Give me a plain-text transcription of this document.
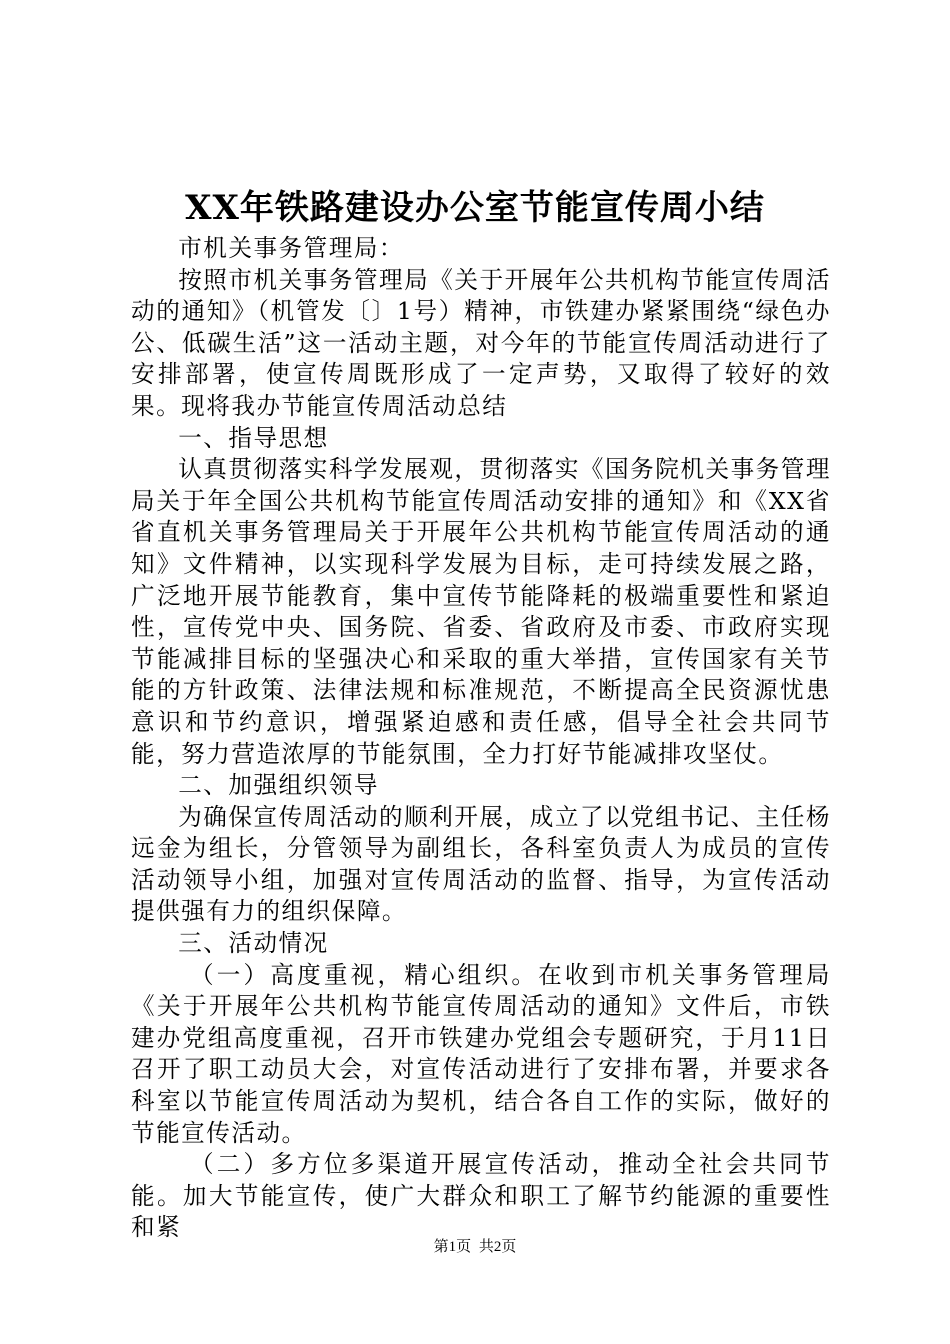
XX年铁路建设办公室节能宣传周小结

市机关事务管理局：

按照市机关事务管理局《关于开展年公共机构节能宣传周活动的通知》（机管发〔〕1号）精神，市铁建办紧紧围绕“绿色办公、低碳生活”这一活动主题，对今年的节能宣传周活动进行了安排部署，使宣传周既形成了一定声势，又取得了较好的效果。现将我办节能宣传周活动总结

一、指导思想

认真贯彻落实科学发展观，贯彻落实《国务院机关事务管理局关于年全国公共机构节能宣传周活动安排的通知》和《XX省省直机关事务管理局关于开展年公共机构节能宣传周活动的通知》文件精神，以实现科学发展为目标，走可持续发展之路，广泛地开展节能教育，集中宣传节能降耗的极端重要性和紧迫性，宣传党中央、国务院、省委、省政府及市委、市政府实现节能减排目标的坚强决心和采取的重大举措，宣传国家有关节能的方针政策、法律法规和标准规范，不断提高全民资源忧患意识和节约意识，增强紧迫感和责任感，倡导全社会共同节能，努力营造浓厚的节能氛围，全力打好节能减排攻坚仗。

二、加强组织领导

为确保宣传周活动的顺利开展，成立了以党组书记、主任杨远金为组长，分管领导为副组长，各科室负责人为成员的宣传活动领导小组，加强对宣传周活动的监督、指导，为宣传活动提供强有力的组织保障。

三、活动情况

（一）高度重视，精心组织。在收到市机关事务管理局《关于开展年公共机构节能宣传周活动的通知》文件后，市铁建办党组高度重视，召开市铁建办党组会专题研究，于月11日召开了职工动员大会，对宣传活动进行了安排布署，并要求各科室以节能宣传周活动为契机，结合各自工作的实际，做好的节能宣传活动。

（二）多方位多渠道开展宣传活动，推动全社会共同节能。加大节能宣传，使广大群众和职工了解节约能源的重要性和紧

第1页 共2页
